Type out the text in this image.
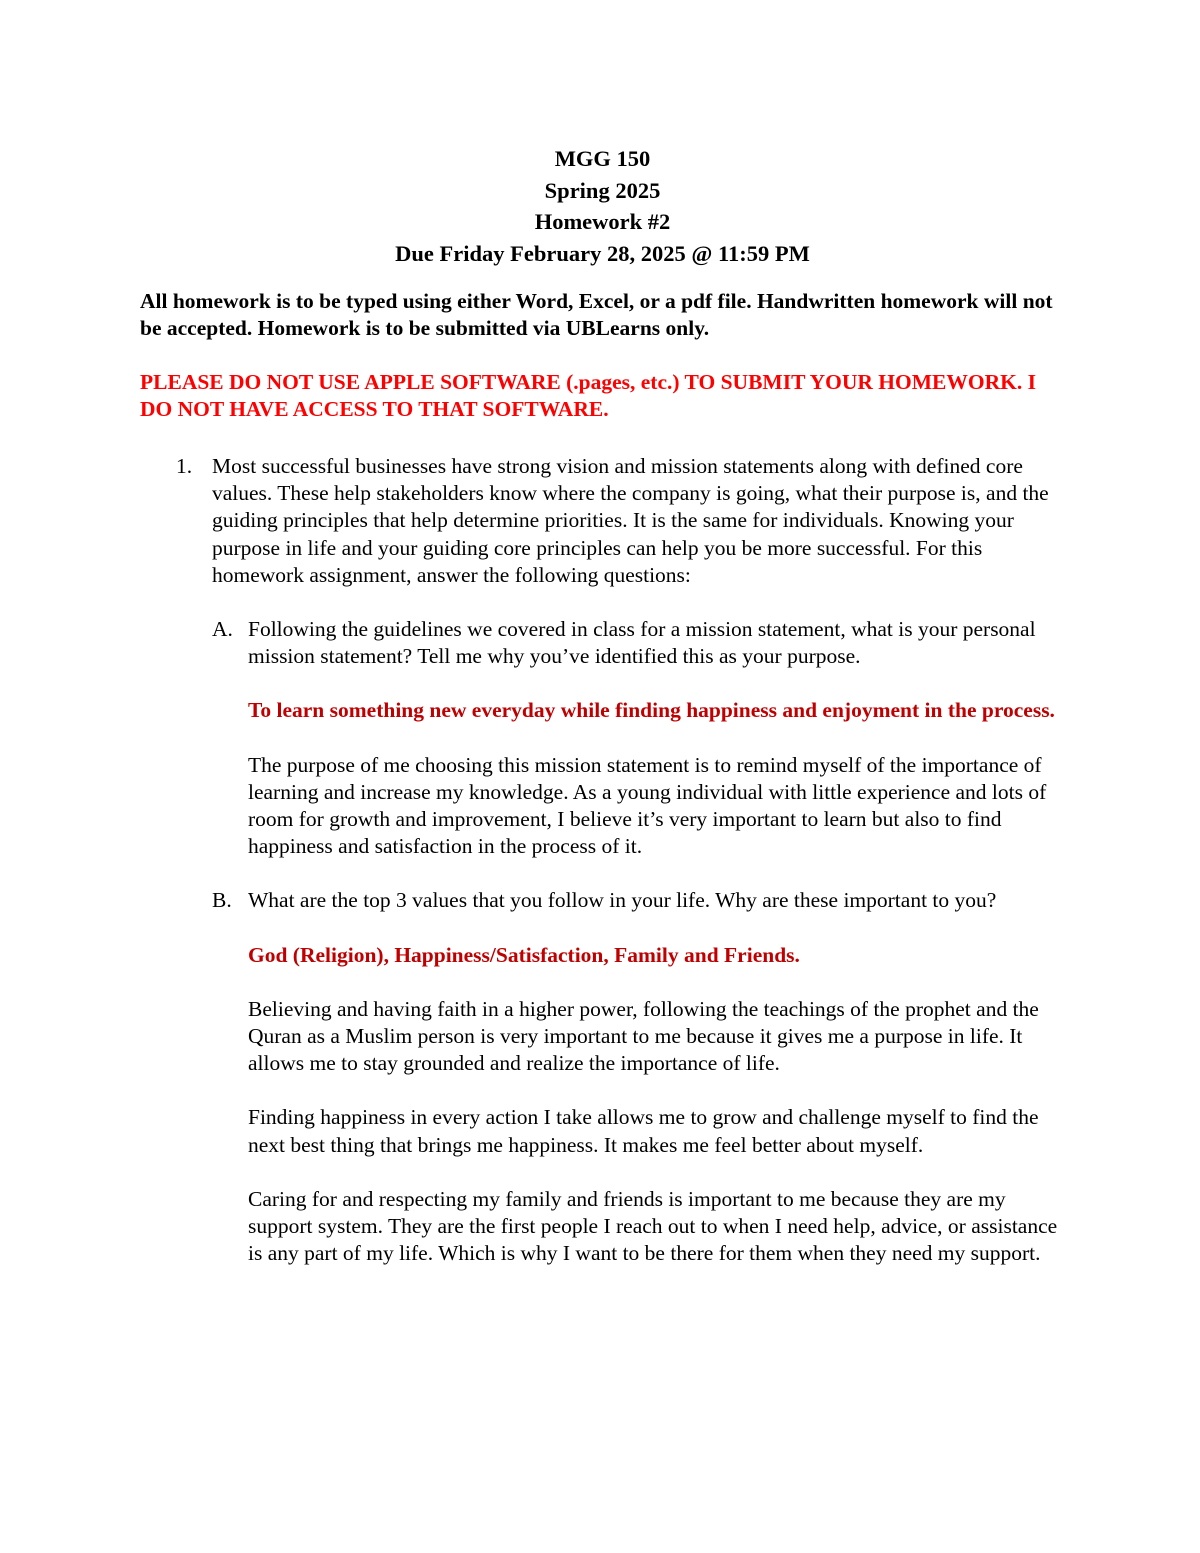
MGG 150
Spring 2025
Homework #2
Due Friday February 28, 2025 @ 11:59 PM
All homework is to be typed using either Word, Excel, or a pdf file. Handwritten homework will not be accepted. Homework is to be submitted via UBLearns only.
PLEASE DO NOT USE APPLE SOFTWARE (.pages, etc.) TO SUBMIT YOUR HOMEWORK. I DO NOT HAVE ACCESS TO THAT SOFTWARE.
1. Most successful businesses have strong vision and mission statements along with defined core values. These help stakeholders know where the company is going, what their purpose is, and the guiding principles that help determine priorities. It is the same for individuals. Knowing your purpose in life and your guiding core principles can help you be more successful. For this homework assignment, answer the following questions:
A. Following the guidelines we covered in class for a mission statement, what is your personal mission statement? Tell me why you’ve identified this as your purpose.
To learn something new everyday while finding happiness and enjoyment in the process.
The purpose of me choosing this mission statement is to remind myself of the importance of learning and increase my knowledge. As a young individual with little experience and lots of room for growth and improvement, I believe it’s very important to learn but also to find happiness and satisfaction in the process of it.
B. What are the top 3 values that you follow in your life. Why are these important to you?
God (Religion), Happiness/Satisfaction, Family and Friends.
Believing and having faith in a higher power, following the teachings of the prophet and the Quran as a Muslim person is very important to me because it gives me a purpose in life. It allows me to stay grounded and realize the importance of life.
Finding happiness in every action I take allows me to grow and challenge myself to find the next best thing that brings me happiness. It makes me feel better about myself.
Caring for and respecting my family and friends is important to me because they are my support system. They are the first people I reach out to when I need help, advice, or assistance is any part of my life. Which is why I want to be there for them when they need my support.
